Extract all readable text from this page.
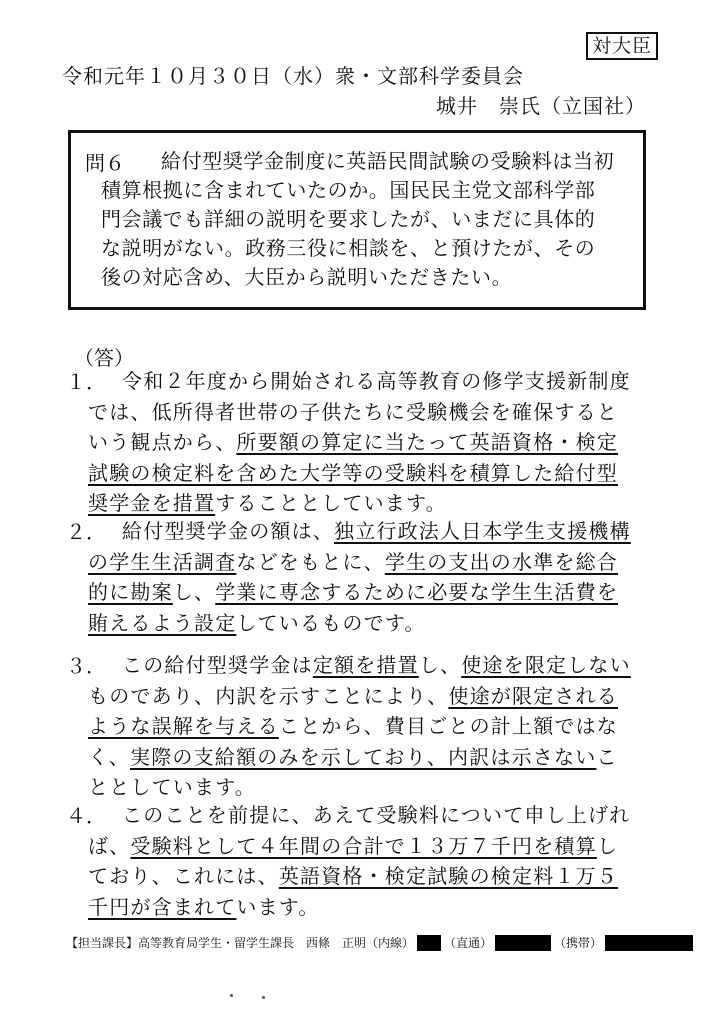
対大臣
令和元年１０月３０日（水）衆・文部科学委員会
城井　崇氏（立国社）
問６	給付型奨学金制度に英語民間試験の受験料は当初
積算根拠に含まれていたのか。国民民主党文部科学部
門会議でも詳細の説明を要求したが、いまだに具体的
な説明がない。政務三役に相談を、と預けたが、その
後の対応含め、大臣から説明いただきたい。
（答）
１． 令和２年度から開始される高等教育の修学支援新制度
では、低所得者世帯の子供たちに受験機会を確保すると
いう観点から、所要額の算定に当たって英語資格・検定
試験の検定料を含めた大学等の受験料を積算した給付型
奨学金を措置することとしています。
２． 給付型奨学金の額は、独立行政法人日本学生支援機構
の学生生活調査などをもとに、学生の支出の水準を総合
的に勘案し、学業に専念するために必要な学生生活費を
賄えるよう設定しているものです。
３． この給付型奨学金は定額を措置し、使途を限定しない
ものであり、内訳を示すことにより、使途が限定される
ような誤解を与えることから、費目ごとの計上額ではな
く、実際の支給額のみを示しており、内訳は示さないこ
ととしています。
４． このことを前提に、あえて受験料について申し上げれ
ば、受験料として４年間の合計で１３万７千円を積算し
ており、これには、英語資格・検定試験の検定料１万５
千円が含まれています。
【担当課長】高等教育局学生・留学生課長　西條　正明 （内線）	（直通）	（携帯）
